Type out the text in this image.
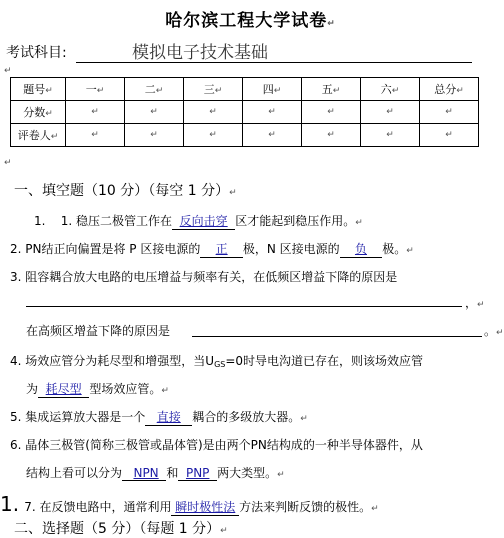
哈尔滨工程大学试卷↵
考试科目:	模拟电子技术基础
↵
题号↵	一↵	二↵	三↵	四↵	五↵	六↵	总分↵
分数↵	↵	↵	↵	↵	↵	↵	↵
评卷人↵	↵	↵	↵	↵	↵	↵	↵
↵
一、填空题（10 分）（每空 1 分）↵
1. 1. 稳压二极管工作在 反向击穿 区才能起到稳压作用。↵
2. PN结正向偏置是将 P 区接电源的 正 极，N 区接电源的 负 极。↵
3. 阻容耦合放大电路的电压增益与频率有关，在低频区增益下降的原因是
，↵
在高频区增益下降的原因是	。↵
4. 场效应管分为耗尽型和增强型，当$U_{GS}=0$时导电沟道已存在，则该场效应管
为 耗尽型 型场效应管。↵
5. 集成运算放大器是一个 直接 耦合的多级放大器。↵
6. 晶体三极管(简称三极管或晶体管)是由两个PN结构成的一种半导体器件，从
结构上看可以分为 NPN 和 PNP 两大类型。↵
1. 7. 在反馈电路中，通常利用 瞬时极性法 方法来判断反馈的极性。↵
二、选择题（5 分）（每题 1 分）↵
